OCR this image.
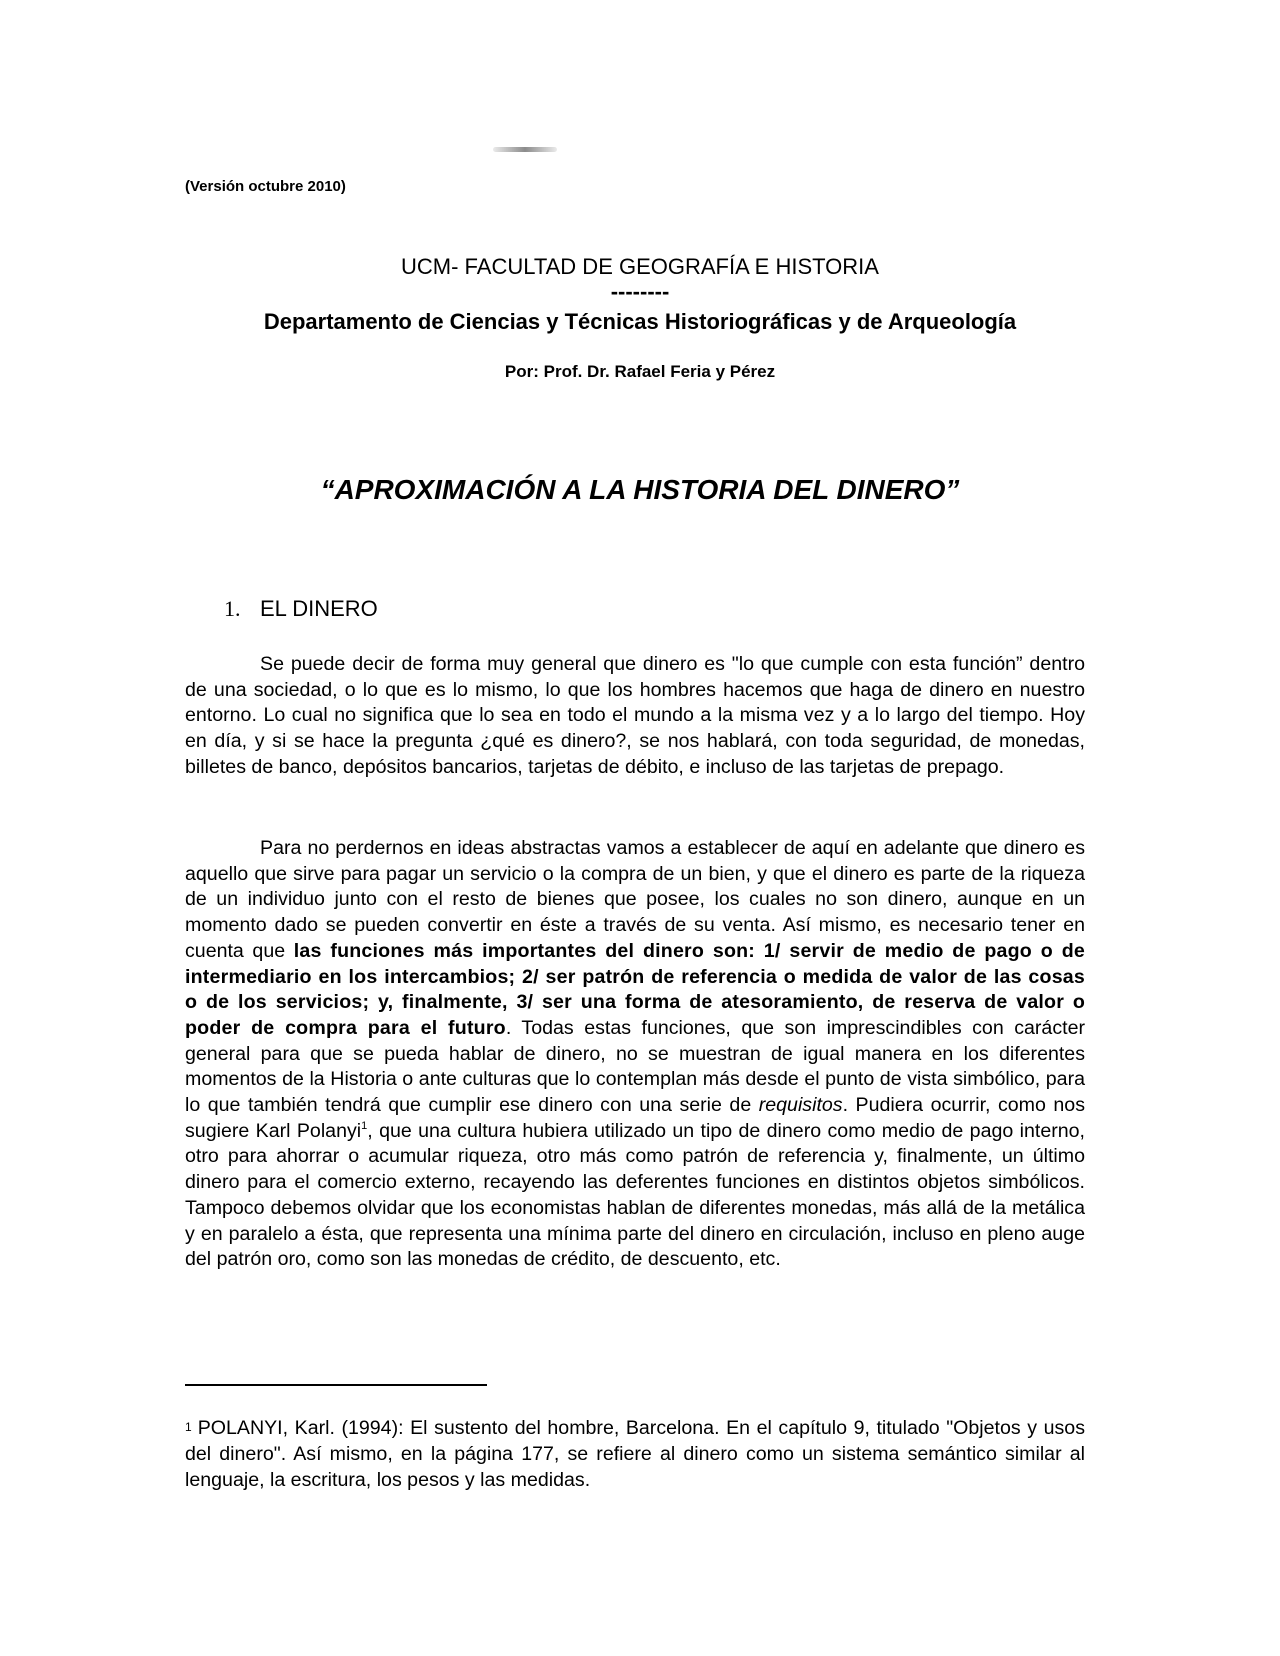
(Versión octubre 2010)
UCM- FACULTAD DE GEOGRAFÍA E HISTORIA
--------
Departamento de Ciencias y Técnicas Historiográficas y de Arqueología
Por: Prof. Dr. Rafael Feria y Pérez
“APROXIMACIÓN A LA HISTORIA DEL DINERO”
1. EL DINERO

Se puede decir de forma muy general que dinero es "lo que cumple con esta función” dentro de una sociedad, o lo que es lo mismo, lo que los hombres hacemos que haga de dinero en nuestro entorno. Lo cual no significa que lo sea en todo el mundo a la misma vez y a lo largo del tiempo. Hoy en día, y si se hace la pregunta ¿qué es dinero?, se nos hablará, con toda seguridad, de monedas, billetes de banco, depósitos bancarios, tarjetas de débito, e incluso de las tarjetas de prepago.

Para no perdernos en ideas abstractas vamos a establecer de aquí en adelante que dinero es aquello que sirve para pagar un servicio o la compra de un bien, y que el dinero es parte de la riqueza de un individuo junto con el resto de bienes que posee, los cuales no son dinero, aunque en un momento dado se pueden convertir en éste a través de su venta. Así mismo, es necesario tener en cuenta que las funciones más importantes del dinero son: 1/ servir de medio de pago o de intermediario en los intercambios; 2/ ser patrón de referencia o medida de valor de las cosas o de los servicios; y, finalmente, 3/ ser una forma de atesoramiento, de reserva de valor o poder de compra para el futuro. Todas estas funciones, que son imprescindibles con carácter general para que se pueda hablar de dinero, no se muestran de igual manera en los diferentes momentos de la Historia o ante culturas que lo contemplan más desde el punto de vista simbólico, para lo que también tendrá que cumplir ese dinero con una serie de requisitos. Pudiera ocurrir, como nos sugiere Karl Polanyi$^1$, que una cultura hubiera utilizado un tipo de dinero como medio de pago interno, otro para ahorrar o acumular riqueza, otro más como patrón de referencia y, finalmente, un último dinero para el comercio externo, recayendo las deferentes funciones en distintos objetos simbólicos. Tampoco debemos olvidar que los economistas hablan de diferentes monedas, más allá de la metálica y en paralelo a ésta, que representa una mínima parte del dinero en circulación, incluso en pleno auge del patrón oro, como son las monedas de crédito, de descuento, etc.

1 POLANYI, Karl. (1994): El sustento del hombre, Barcelona. En el capítulo 9, titulado "Objetos y usos del dinero". Así mismo, en la página 177, se refiere al dinero como un sistema semántico similar al lenguaje, la escritura, los pesos y las medidas.
